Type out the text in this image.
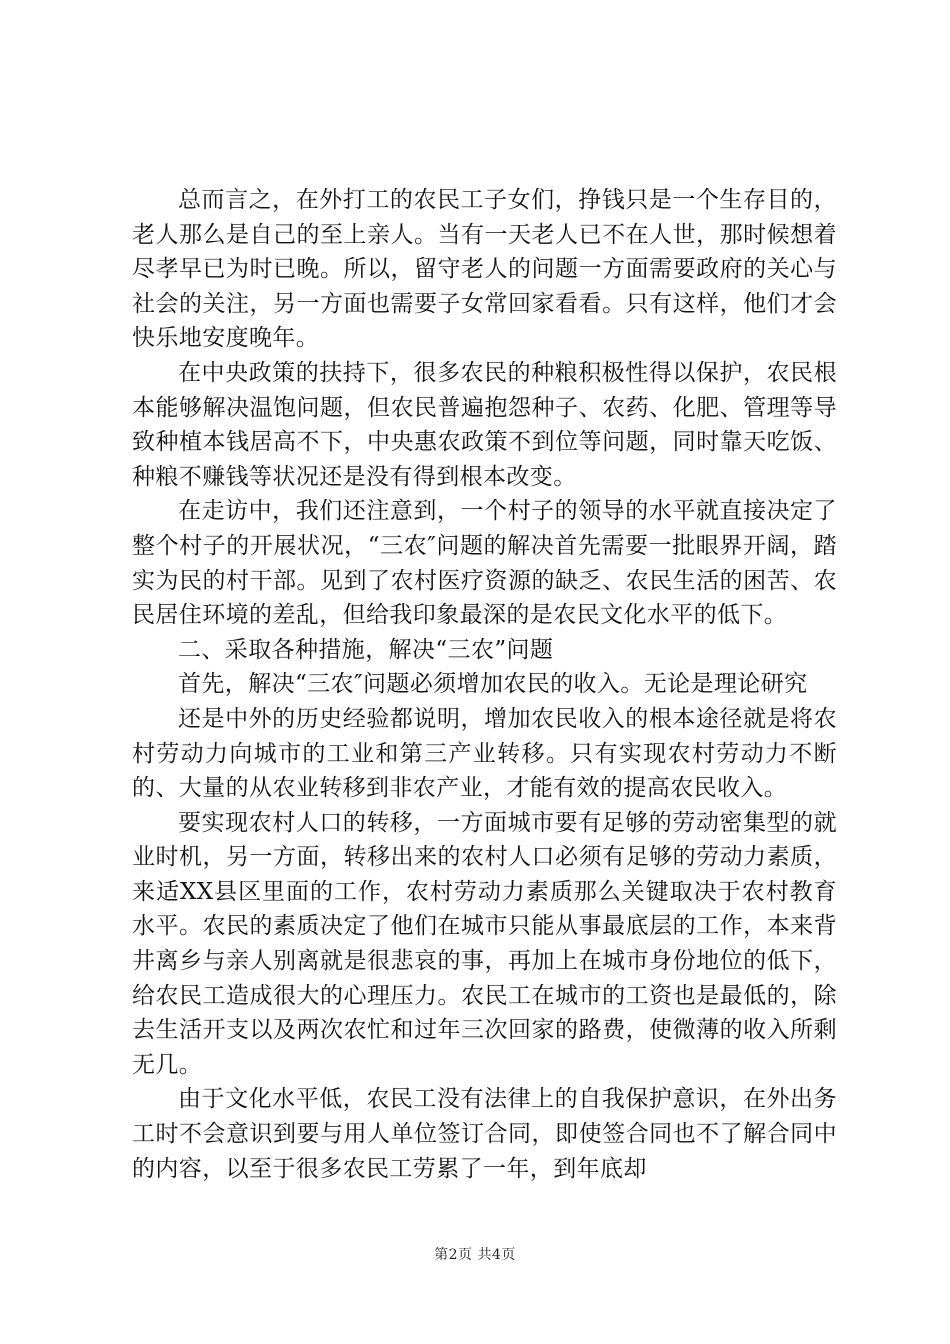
总而言之，在外打工的农民工子女们，挣钱只是一个生存目的，老人那么是自己的至上亲人。当有一天老人已不在人世，那时候想着尽孝早已为时已晚。所以，留守老人的问题一方面需要政府的关心与社会的关注，另一方面也需要子女常回家看看。只有这样，他们才会快乐地安度晚年。

在中央政策的扶持下，很多农民的种粮积极性得以保护，农民根本能够解决温饱问题，但农民普遍抱怨种子、农药、化肥、管理等导致种植本钱居高不下，中央惠农政策不到位等问题，同时靠天吃饭、种粮不赚钱等状况还是没有得到根本改变。

在走访中，我们还注意到，一个村子的领导的水平就直接决定了整个村子的开展状况，“三农″问题的解决首先需要一批眼界开阔，踏实为民的村干部。见到了农村医疗资源的缺乏、农民生活的困苦、农民居住环境的差乱，但给我印象最深的是农民文化水平的低下。

二、采取各种措施，解决“三农”问题

首先，解决“三农″问题必须增加农民的收入。无论是理论研究

还是中外的历史经验都说明，增加农民收入的根本途径就是将农村劳动力向城市的工业和第三产业转移。只有实现农村劳动力不断的、大量的从农业转移到非农产业，才能有效的提高农民收入。

要实现农村人口的转移，一方面城市要有足够的劳动密集型的就业时机，另一方面，转移出来的农村人口必须有足够的劳动力素质，来适XX县区里面的工作，农村劳动力素质那么关键取决于农村教育水平。农民的素质决定了他们在城市只能从事最底层的工作，本来背井离乡与亲人别离就是很悲哀的事，再加上在城市身份地位的低下，给农民工造成很大的心理压力。农民工在城市的工资也是最低的，除去生活开支以及两次农忙和过年三次回家的路费，使微薄的收入所剩无几。

由于文化水平低，农民工没有法律上的自我保护意识，在外出务工时不会意识到要与用人单位签订合同，即使签合同也不了解合同中的内容，以至于很多农民工劳累了一年，到年底却

第2页 共4页
